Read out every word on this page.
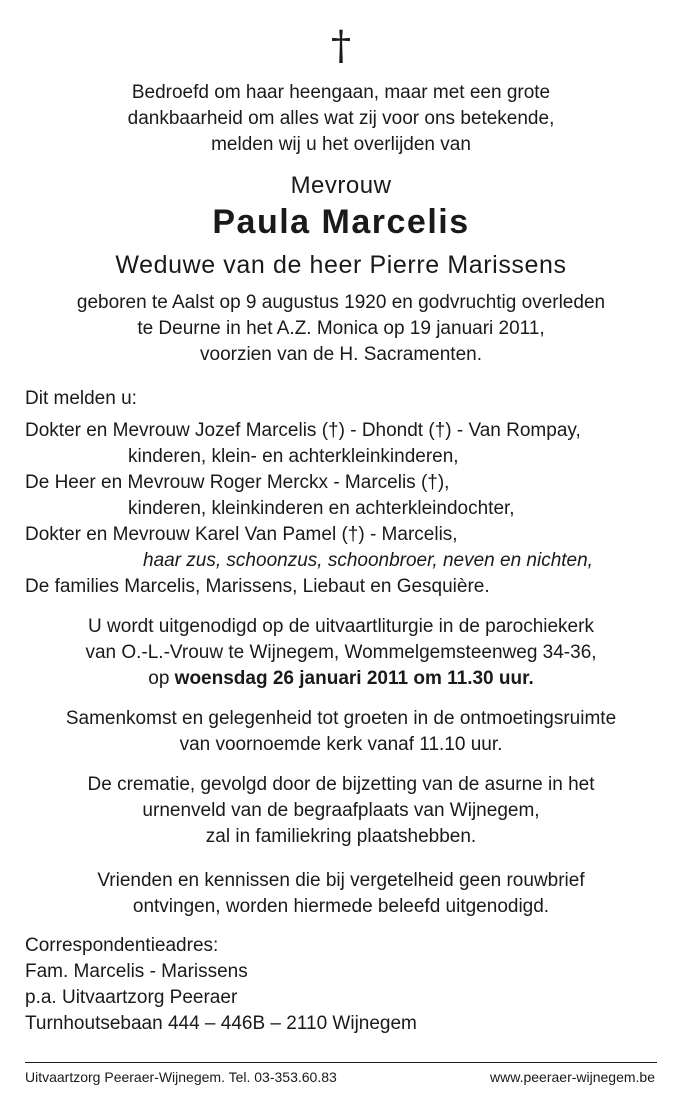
†
Bedroefd om haar heengaan, maar met een grote
dankbaarheid om alles wat zij voor ons betekende,
melden wij u het overlijden van
Mevrouw
Paula Marcelis
Weduwe van de heer Pierre Marissens
geboren te Aalst op 9 augustus 1920 en godvruchtig overleden
te Deurne in het A.Z. Monica op 19 januari 2011,
voorzien van de H. Sacramenten.
Dit melden u:
Dokter en Mevrouw Jozef Marcelis (†) - Dhondt (†) - Van Rompay,
kinderen, klein- en achterkleinkinderen,
De Heer en Mevrouw Roger Merckx - Marcelis (†),
kinderen, kleinkinderen en achterkleindochter,
Dokter en Mevrouw Karel Van Pamel (†) - Marcelis,
haar zus, schoonzus, schoonbroer, neven en nichten,
De families Marcelis, Marissens, Liebaut en Gesquière.
U wordt uitgenodigd op de uitvaartliturgie in de parochiekerk
van O.-L.-Vrouw te Wijnegem, Wommelgemsteenweg 34-36,
op woensdag 26 januari 2011 om 11.30 uur.
Samenkomst en gelegenheid tot groeten in de ontmoetingsruimte
van voornoemde kerk vanaf 11.10 uur.
De crematie, gevolgd door de bijzetting van de asurne in het
urnenveld van de begraafplaats van Wijnegem,
zal in familiekring plaatshebben.
Vrienden en kennissen die bij vergetelheid geen rouwbrief
ontvingen, worden hiermede beleefd uitgenodigd.
Correspondentieadres:
Fam. Marcelis - Marissens
p.a. Uitvaartzorg Peeraer
Turnhoutsebaan 444 – 446B – 2110 Wijnegem
Uitvaartzorg Peeraer-Wijnegem. Tel. 03-353.60.83	www.peeraer-wijnegem.be
